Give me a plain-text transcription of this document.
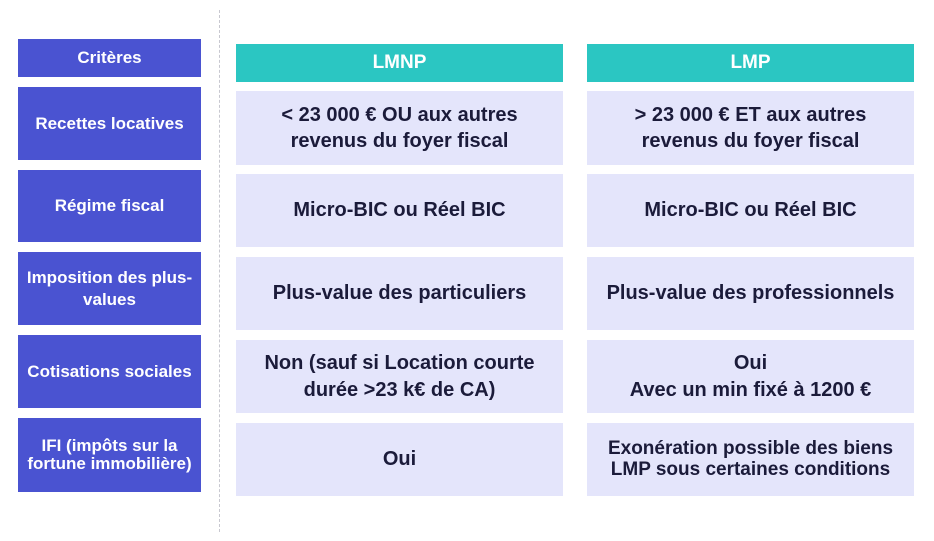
Critères
Recettes locatives
Régime fiscal
Imposition des plus-values
Cotisations sociales
IFI (impôts sur la fortune immobilière)
LMNP
< 23 000 € OU aux autres revenus du foyer fiscal
Micro-BIC ou Réel BIC
Plus-value des particuliers
Non (sauf si Location courte durée >23 k€ de CA)
Oui
LMP
> 23 000 € ET aux autres revenus du foyer fiscal
Micro-BIC ou Réel BIC
Plus-value des professionnels
Oui
Avec un min fixé à 1200 €
Exonération possible des biens LMP sous certaines conditions
